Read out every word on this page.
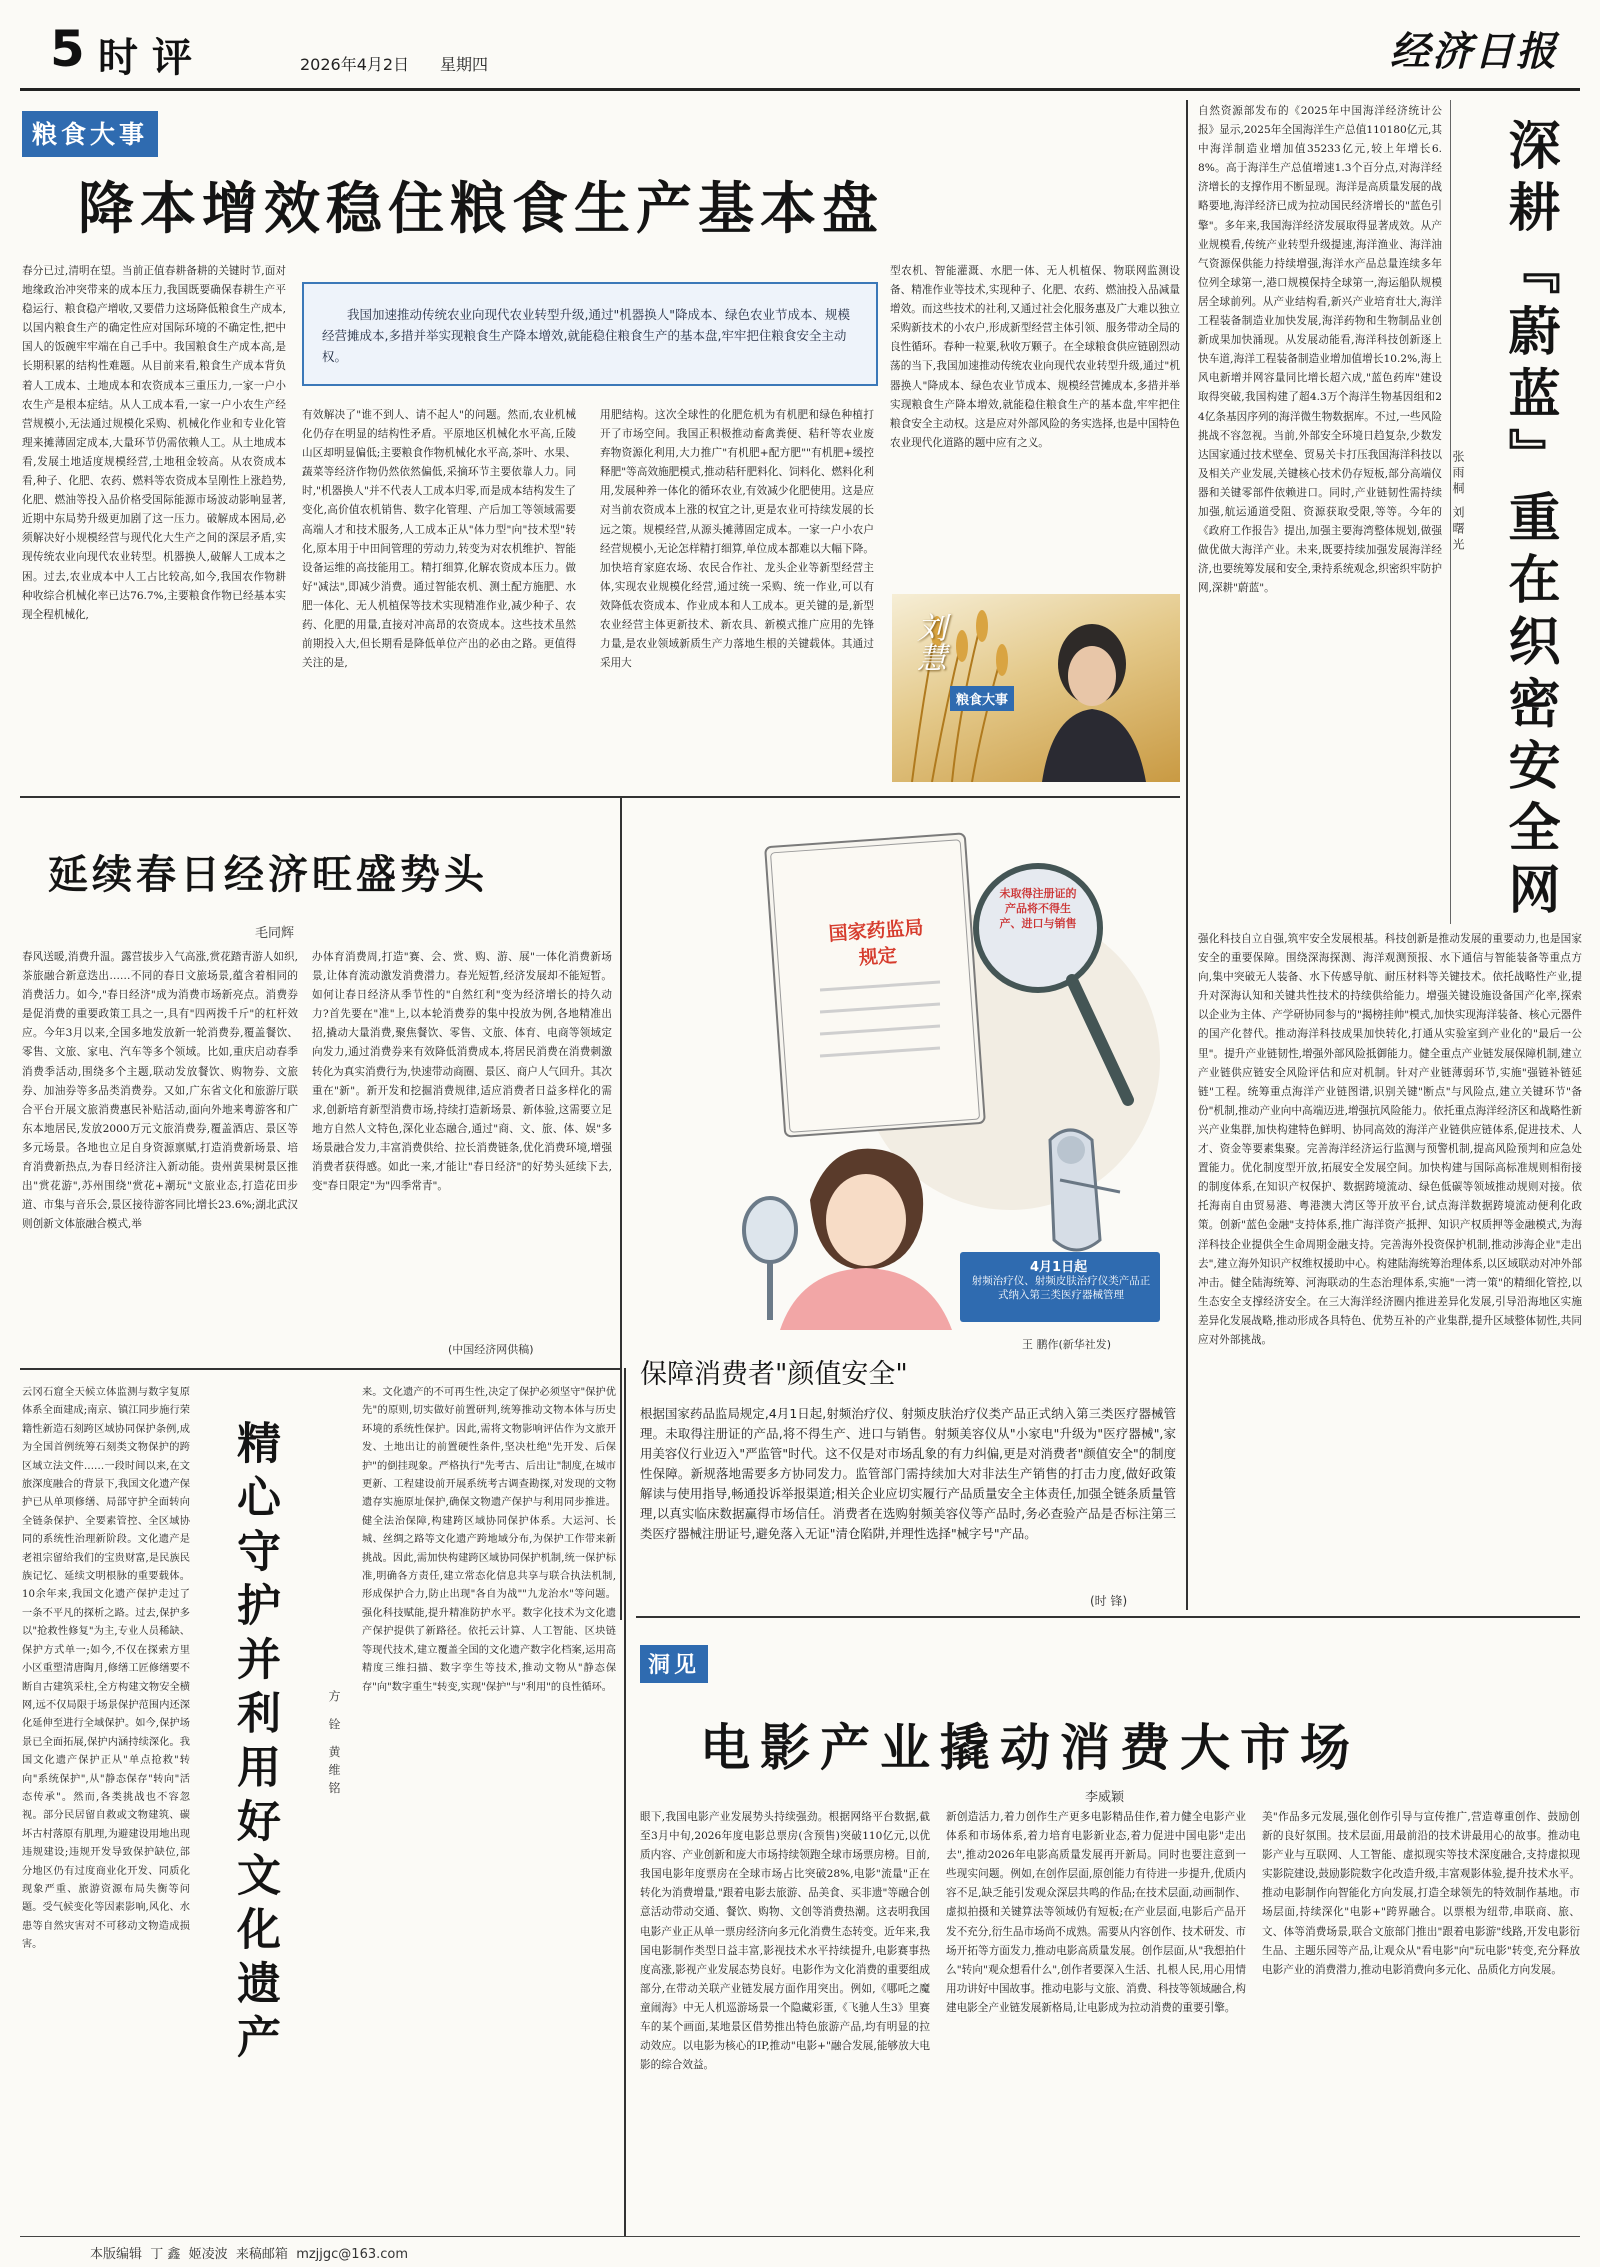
5 时评	2026年4月2日 星期四	经济日报
粮食大事
降本增效稳住粮食生产基本盘
春分已过,清明在望。当前正值春耕备耕的关键时节,面对地缘政治冲突带来的成本压力,我国既要确保春耕生产平稳运行、粮食稳产增收,又要借力这场降低粮食生产成本,以国内粮食生产的确定性应对国际环境的不确定性,把中国人的饭碗牢牢端在自己手中。我国粮食生产成本高,是长期积累的结构性难题。从目前来看,粮食生产成本背负着人工成本、土地成本和农资成本三重压力,一家一户小农生产是根本症结。从人工成本看,一家一户小农生产经营规模小,无法通过规模化采购、机械化作业和专业化管理来摊薄固定成本,大量环节仍需依赖人工。从土地成本看,发展土地适度规模经营,土地租金较高。从农资成本看,种子、化肥、农药、燃料等农资成本呈刚性上涨趋势,化肥、燃油等投入品价格受国际能源市场波动影响显著,近期中东局势升级更加剧了这一压力。破解成本困局,必须解决好小规模经营与现代化大生产之间的深层矛盾,实现传统农业向现代农业转型。机器换人,破解人工成本之困。过去,农业成本中人工占比较高,如今,我国农作物耕种收综合机械化率已达76.7%,主要粮食作物已经基本实现全程机械化,
我国加速推动传统农业向现代农业转型升级,通过"机器换人"降成本、绿色农业节成本、规模经营摊成本,多措并举实现粮食生产降本增效,就能稳住粮食生产的基本盘,牢牢把住粮食安全主动权。
有效解决了"谁不到人、请不起人"的问题。然而,农业机械化仍存在明显的结构性矛盾。平原地区机械化水平高,丘陵山区却明显偏低;主要粮食作物机械化水平高,茶叶、水果、蔬菜等经济作物仍然依然偏低,采摘环节主要依靠人力。同时,"机器换人"并不代表人工成本归零,而是成本结构发生了变化,高价值农机销售、数字化管理、产后加工等领域需要高端人才和技术服务,人工成本正从"体力型"向"技术型"转化,原本用于中田间管理的劳动力,转变为对农机维护、智能设备运维的高技能用工。精打细算,化解农资成本压力。做好"减法",即减少消费。通过智能农机、测土配方施肥、水肥一体化、无人机植保等技术实现精准作业,减少种子、农药、化肥的用量,直接对冲高昂的农资成本。这些技术虽然前期投入大,但长期看是降低单位产出的必由之路。更值得关注的是,
用肥结构。这次全球性的化肥危机为有机肥和绿色种植打开了市场空间。我国正积极推动畜禽粪便、秸秆等农业废弃物资源化利用,大力推广"有机肥+配方肥""有机肥+缓控释肥"等高效施肥模式,推动秸秆肥料化、饲料化、燃料化利用,发展种养一体化的循环农业,有效减少化肥使用。这是应对当前农资成本上涨的权宜之计,更是农业可持续发展的长远之策。规模经营,从源头摊薄固定成本。一家一户小农户经营规模小,无论怎样精打细算,单位成本都难以大幅下降。加快培育家庭农场、农民合作社、龙头企业等新型经营主体,实现农业规模化经营,通过统一采购、统一作业,可以有效降低农资成本、作业成本和人工成本。更关键的是,新型农业经营主体更新技术、新农具、新模式推广应用的先锋力量,是农业领域新质生产力落地生根的关键载体。其通过采用大
型农机、智能灌溉、水肥一体、无人机植保、物联网监测设备、精准作业等技术,实现种子、化肥、农药、燃油投入品减量增效。而这些技术的社利,又通过社会化服务惠及广大难以独立采购新技术的小农户,形成新型经营主体引领、服务带动全局的良性循环。春种一粒粟,秋收万颗子。在全球粮食供应链剧烈动荡的当下,我国加速推动传统农业向现代农业转型升级,通过"机器换人"降成本、绿色农业节成本、规模经营摊成本,多措并举实现粮食生产降本增效,就能稳住粮食生产的基本盘,牢牢把住粮食安全主动权。这是应对外部风险的务实选择,也是中国特色农业现代化道路的题中应有之义。
刘慧
粮食大事
自然资源部发布的《2025年中国海洋经济统计公报》显示,2025年全国海洋生产总值110180亿元,其中海洋制造业增加值35233亿元,较上年增长6.8%。高于海洋生产总值增速1.3个百分点,对海洋经济增长的支撑作用不断显现。海洋是高质量发展的战略要地,海洋经济已成为拉动国民经济增长的"蓝色引擎"。多年来,我国海洋经济发展取得显著成效。从产业规模看,传统产业转型升级提速,海洋渔业、海洋油气资源保供能力持续增强,海洋水产品总量连续多年位列全球第一,港口规模保持全球第一,海运船队规模居全球前列。从产业结构看,新兴产业培育壮大,海洋工程装备制造业加快发展,海洋药物和生物制品业创新成果加快涌现。从发展动能看,海洋科技创新逐上快车道,海洋工程装备制造业增加值增长10.2%,海上风电新增并网容量同比增长超六成,"蓝色药库"建设取得突破,我国构建了超4.3万个海洋生物基因组和24亿条基因序列的海洋微生物数据库。不过,一些风险挑战不容忽视。当前,外部安全环境日趋复杂,少数发达国家通过技术壁垒、贸易关卡打压我国海洋科技以及相关产业发展,关键核心技术仍存短板,部分高端仪器和关键零部件依赖进口。同时,产业链韧性需持续加强,航运通道受阻、资源获取受限,等等。今年的《政府工作报告》提出,加强主要海湾整体规划,做强做优做大海洋产业。未来,既要持续加强发展海洋经济,也要统筹发展和安全,秉持系统观念,织密织牢防护网,深耕"蔚蓝"。	深耕『蔚蓝』重在织密安全网
张雨桐 刘曙光
强化科技自立自强,筑牢安全发展根基。科技创新是推动发展的重要动力,也是国家安全的重要保障。围绕深海探测、海洋观测预报、水下通信与智能装备等重点方向,集中突破无人装备、水下传感导航、耐压材料等关键技术。依托战略性产业,提升对深海认知和关键共性技术的持续供给能力。增强关键设施设备国产化率,探索以企业为主体、产学研协同参与的"揭榜挂帅"模式,加快实现海洋装备、核心元器件的国产化替代。推动海洋科技成果加快转化,打通从实验室到产业化的"最后一公里"。提升产业链韧性,增强外部风险抵御能力。健全重点产业链发展保障机制,建立产业链供应链安全风险评估和应对机制。针对产业链薄弱环节,实施"强链补链延链"工程。统筹重点海洋产业链图谱,识别关键"断点"与风险点,建立关键环节"备份"机制,推动产业向中高端迈进,增强抗风险能力。依托重点海洋经济区和战略性新兴产业集群,加快构建特色鲜明、协同高效的海洋产业链供应链体系,促进技术、人才、资金等要素集聚。完善海洋经济运行监测与预警机制,提高风险预判和应急处置能力。优化制度型开放,拓展安全发展空间。加快构建与国际高标准规则相衔接的制度体系,在知识产权保护、数据跨境流动、绿色低碳等领域推动规则对接。依托海南自由贸易港、粤港澳大湾区等开放平台,试点海洋数据跨境流动便利化政策。创新"蓝色金融"支持体系,推广海洋资产抵押、知识产权质押等金融模式,为海洋科技企业提供全生命周期金融支持。完善海外投资保护机制,推动涉海企业"走出去",建立海外知识产权维权援助中心。构建陆海统筹治理体系,以区域联动对冲外部冲击。健全陆海统筹、河海联动的生态治理体系,实施"一湾一策"的精细化管控,以生态安全支撑经济安全。在三大海洋经济圈内推进差异化发展,引导沿海地区实施差异化发展战略,推动形成各具特色、优势互补的产业集群,提升区域整体韧性,共同应对外部挑战。
延续春日经济旺盛势头
毛同辉
春风送暖,消费升温。露营拔步入气高涨,赏花踏青游人如织,茶旅融合新意迭出……不同的春日文旅场景,蕴含着相同的消费活力。如今,"春日经济"成为消费市场新亮点。消费券是促消费的重要政策工具之一,具有"四两拨千斤"的杠杆效应。今年3月以来,全国多地发放新一轮消费券,覆盖餐饮、零售、文旅、家电、汽车等多个领域。比如,重庆启动春季消费季活动,围绕多个主题,联动发放餐饮、购物券、文旅券、加油券等多品类消费券。又如,广东省文化和旅游厅联合平台开展文旅消费惠民补贴活动,面向外地来粤游客和广东本地居民,发放2000万元文旅消费券,覆盖酒店、景区等多元场景。各地也立足自身资源禀赋,打造消费新场景、培育消费新热点,为春日经济注入新动能。贵州黄果树景区推出"赏花游",苏州围绕"赏花+潮玩"文旅业态,打造花田步道、市集与音乐会,景区接待游客同比增长23.6%;湖北武汉则创新文体旅融合模式,举
办体育消费周,打造"赛、会、赏、购、游、展"一体化消费新场景,让体育流动激发消费潜力。春光短暂,经济发展却不能短暂。如何让春日经济从季节性的"自然红利"变为经济增长的持久动力?首先要在"准"上,以本轮消费券的集中投放为例,各地精准出招,撬动大量消费,聚焦餐饮、零售、文旅、体育、电商等领域定向发力,通过消费券来有效降低消费成本,将居民消费在消费刺激转化为真实消费行为,快速带动商圈、景区、商户人气回升。其次重在"新"。新开发和挖掘消费规律,适应消费者日益多样化的需求,创新培育新型消费市场,持续打造新场景、新体验,这需要立足地方自然人文特色,深化业态融合,通过"商、文、旅、体、娱"多场景融合发力,丰富消费供给、拉长消费链条,优化消费环境,增强消费者获得感。如此一来,才能让"春日经济"的好势头延续下去,变"春日限定"为"四季常青"。
(中国经济网供稿)
国家药监局规定
未取得注册证的产品将不得生产、进口与销售
4月1日起
射频治疗仪、射频皮肤治疗仪类产品正式纳入第三类医疗器械管理
王 鹏作(新华社发)
保障消费者"颜值安全"
根据国家药品监局规定,4月1日起,射频治疗仪、射频皮肤治疗仪类产品正式纳入第三类医疗器械管理。未取得注册证的产品,将不得生产、进口与销售。射频美容仪从"小家电"升级为"医疗器械",家用美容仪行业迈入"严监管"时代。这不仅是对市场乱象的有力纠偏,更是对消费者"颜值安全"的制度性保障。新规落地需要多方协同发力。监管部门需持续加大对非法生产销售的打击力度,做好政策解读与使用指导,畅通投诉举报渠道;相关企业应切实履行产品质量安全主体责任,加强全链条质量管理,以真实临床数据赢得市场信任。消费者在选购射频美容仪等产品时,务必查验产品是否标注第三类医疗器械注册证号,避免落入无证"清仓陷阱,并理性选择"械字号"产品。
(时 锋)
云冈石窟全天候立体监测与数字复原体系全面建成;南京、镇江同步施行荣籍性新造石刻跨区域协同保护条例,成为全国首例统筹石刻类文物保护的跨区域立法文件……一段时间以来,在文旅深度融合的背景下,我国文化遗产保护已从单项修缮、局部守护全面转向全链条保护、全要素管控、全区域协同的系统性治理新阶段。文化遗产是老祖宗留给我们的宝贵财富,是民族民族记忆、延续文明根脉的重要载体。10余年来,我国文化遗产保护走过了一条不平凡的探析之路。过去,保护多以"抢救性修复"为主,专业人员稀缺、保护方式单一;如今,不仅在探索方里小区重塑清唐陶月,修缮工匠修缮要不断自古建筑采柱,全方构建文物安全横网,远不仅局限于场景保护范围内还深化延伸至进行全域保护。如今,保护场景已全面拓展,保护内涵持续深化。我国文化遗产保护正从"单点抢救"转向"系统保护",从"静态保存"转向"活态传承"。然而,各类挑战也不容忽视。部分民居留自救或文物建筑、碳坏古村落原有肌理,为避建设用地出现违规建设;违规开发导致保护缺位,部分地区仍有过度商业化开发、同质化现象严重、旅游资源布局失衡等问题。受气候变化等因素影响,风化、水患等自然灾害对不可移动文物造成损害。	精心守护并利用好文化遗产	方 铨 黄维铭
来。文化遗产的不可再生性,决定了保护必须坚守"保护优先"的原则,切实做好前置研判,统筹推动文物本体与历史环境的系统性保护。因此,需将文物影响评估作为文旅开发、土地出让的前置硬性条件,坚决杜绝"先开发、后保护"的倒挂现象。严格执行"先考古、后出让"制度,在城市更新、工程建设前开展系统考古调查勘探,对发现的文物遗存实施原址保护,确保文物遗产保护与利用同步推进。健全法治保障,构建跨区域协同保护体系。大运河、长城、丝绸之路等文化遗产跨地域分布,为保护工作带来新挑战。因此,需加快构建跨区域协同保护机制,统一保护标准,明确各方责任,建立常态化信息共享与联合执法机制,形成保护合力,防止出现"各自为战""九龙治水"等问题。强化科技赋能,提升精准防护水平。数字化技术为文化遗产保护提供了新路径。依托云计算、人工智能、区块链等现代技术,建立覆盖全国的文化遗产数字化档案,运用高精度三维扫描、数字孪生等技术,推动文物从"静态保存"向"数字重生"转变,实现"保护"与"利用"的良性循环。
洞见
电影产业撬动消费大市场
李威颖
眼下,我国电影产业发展势头持续强劲。根据网络平台数据,截至3月中旬,2026年度电影总票房(含预售)突破110亿元,以优质内容、产业创新和庞大市场持续领跑全球市场票房榜。目前,我国电影年度票房在全球市场占比突破28%,电影"流量"正在转化为消费增量,"跟着电影去旅游、品美食、买非遗"等融合创意活动带动交通、餐饮、购物、文创等消费热潮。这表明我国电影产业正从单一票房经济向多元化消费生态转变。近年来,我国电影制作类型日益丰富,影视技术水平持续提升,电影赛事热度高涨,影视产业发展态势良好。电影作为文化消费的重要组成部分,在带动关联产业链发展方面作用突出。例如,《哪吒之魔童闹海》中无人机巡游场景一个隐藏彩蛋,《飞驰人生3》里赛车的某个画面,某地景区借势推出特色旅游产品,均有明显的拉动效应。以电影为核心的IP,推动"电影+"融合发展,能够放大电影的综合效益。
新创造活力,着力创作生产更多电影精品佳作,着力健全电影产业体系和市场体系,着力培育电影新业态,着力促进中国电影"走出去",推动2026年电影高质量发展再开新局。同时也要注意到一些现实问题。例如,在创作层面,原创能力有待进一步提升,优质内容不足,缺乏能引发观众深层共鸣的作品;在技术层面,动画制作、虚拟拍摄和关键算法等领域仍有短板;在产业层面,电影后产品开发不充分,衍生品市场尚不成熟。需要从内容创作、技术研发、市场开拓等方面发力,推动电影高质量发展。创作层面,从"我想拍什么"转向"观众想看什么",创作者要深入生活、扎根人民,用心用情用功讲好中国故事。推动电影与文旅、消费、科技等领域融合,构建电影全产业链发展新格局,让电影成为拉动消费的重要引擎。
美"作品多元发展,强化创作引导与宣传推广,营造尊重创作、鼓励创新的良好氛围。技术层面,用最前沿的技术讲最用心的故事。推动电影产业与互联网、人工智能、虚拟现实等技术深度融合,支持虚拟现实影院建设,鼓励影院数字化改造升级,丰富观影体验,提升技术水平。推动电影制作向智能化方向发展,打造全球领先的特效制作基地。市场层面,持续深化"电影+"跨界融合。以票根为纽带,串联商、旅、文、体等消费场景,联合文旅部门推出"跟着电影游"线路,开发电影衍生品、主题乐园等产品,让观众从"看电影"向"玩电影"转变,充分释放电影产业的消费潜力,推动电影消费向多元化、品质化方向发展。
本版编辑  丁 鑫  姬凌波  来稿邮箱  mzjjgc@163.com
